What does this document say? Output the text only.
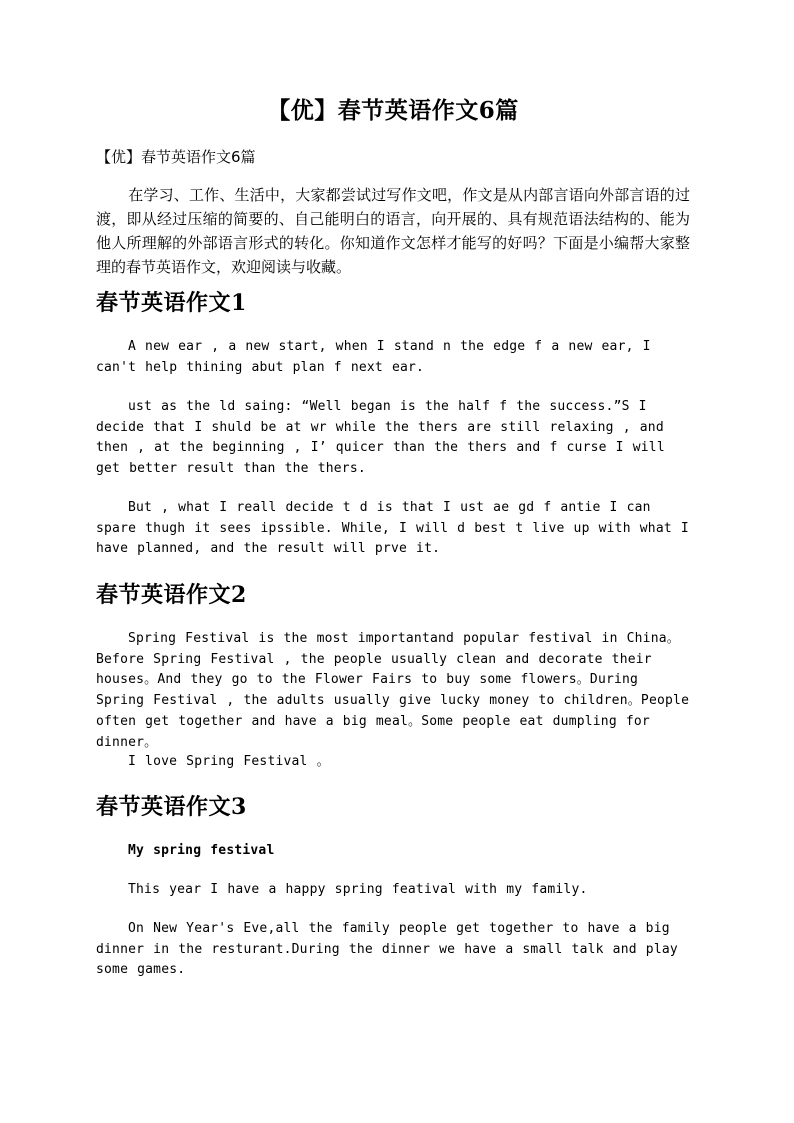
【优】春节英语作文6篇
【优】春节英语作文6篇
在学习、工作、生活中，大家都尝试过写作文吧，作文是从内部言语向外部言语的过渡，即从经过压缩的简要的、自己能明白的语言，向开展的、具有规范语法结构的、能为他人所理解的外部语言形式的转化。你知道作文怎样才能写的好吗？下面是小编帮大家整理的春节英语作文，欢迎阅读与收藏。
春节英语作文1
A new ear , a new start, when I stand n the edge f a new ear, I can't help thining abut plan f next ear.
ust as the ld saing: “Well began is the half f the success.”S I decide that I shuld be at wr while the thers are still relaxing , and then , at the beginning , I’ quicer than the thers and f curse I will get better result than the thers.
But , what I reall decide t d is that I ust ae gd f antie I can spare thugh it sees ipssible. While, I will d best t live up with what I have planned, and the result will prve it.
春节英语作文2
Spring Festival is the most importantand popular festival in China。Before Spring Festival , the people usually clean and decorate their houses。And they go to the Flower Fairs to buy some flowers。During Spring Festival , the adults usually give lucky money to children。People often get together and have a big meal。Some people eat dumpling for dinner。
I love Spring Festival 。
春节英语作文3
My spring festival
This year I have a happy spring featival with my family.
On New Year's Eve,all the family people get together to have a big dinner in the resturant.During the dinner we have a small talk and play some games.
